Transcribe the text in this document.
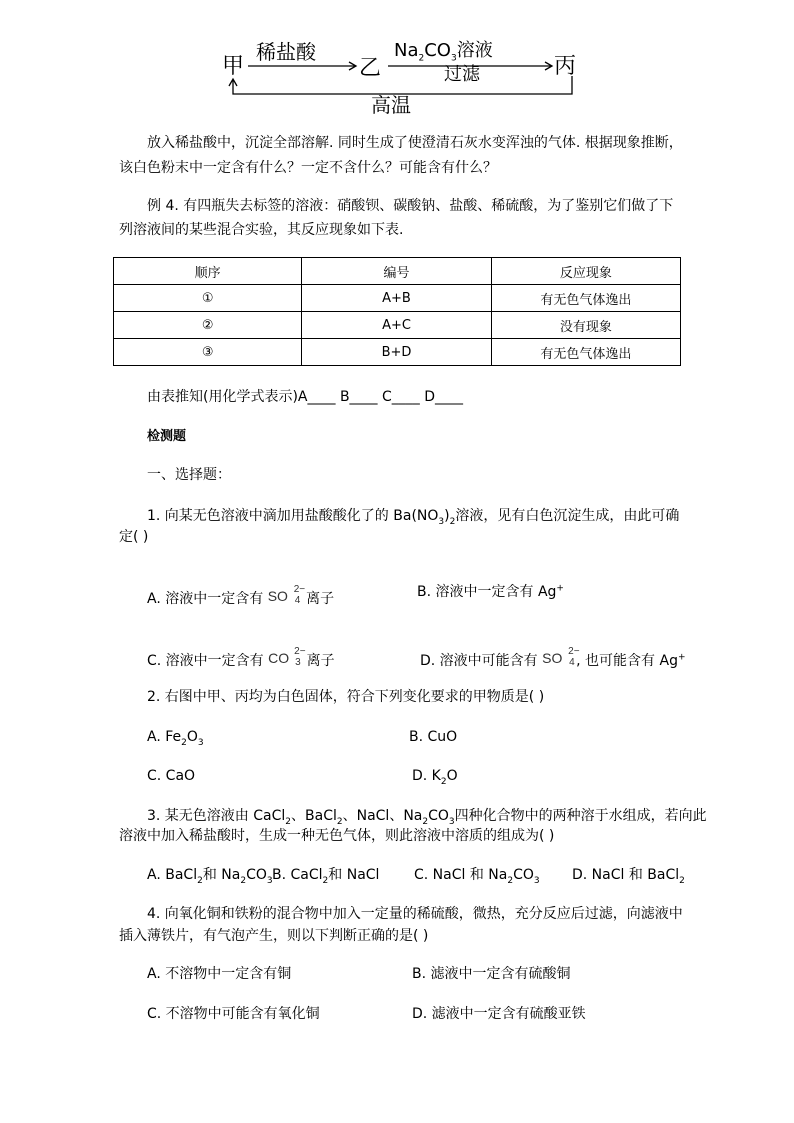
甲	乙	丙
稀盐酸	$Na_2CO_3$溶液
过滤
高温
放入稀盐酸中，沉淀全部溶解. 同时生成了使澄清石灰水变浑浊的气体. 根据现象推断，
该白色粉末中一定含有什么？一定不含什么？可能含有什么？
例 4. 有四瓶失去标签的溶液：硝酸钡、碳酸钠、盐酸、稀硫酸，为了鉴别它们做了下
列溶液间的某些混合实验，其反应现象如下表.
顺序	编号	反应现象
①	A+B	有无色气体逸出
②	A+C	没有现象
③	B+D	有无色气体逸出
由表推知(用化学式表示)A____ B____ C____ D____
检测题
一、选择题：
1. 向某无色溶液中滴加用盐酸酸化了的 $Ba(NO_3)_2$溶液，见有白色沉淀生成，由此可确
定( )
A. 溶液中一定含有 SO 2−
4 离子	B. 溶液中一定含有 Ag+
C. 溶液中一定含有 CO 2−
3 离子	D. 溶液中可能含有 SO 2−
4 , 也可能含有 Ag+
2. 右图中甲、丙均为白色固体，符合下列变化要求的甲物质是( )
A. $Fe_2O_3$	B. CuO
C. CaO	D. $K_2O$
3. 某无色溶液由 CaCl$_2$、BaCl$_2$、NaCl、$Na_2CO_3$四种化合物中的两种溶于水组成，若向此
溶液中加入稀盐酸时，生成一种无色气体，则此溶液中溶质的组成为( )
A. BaCl$_2$和 $Na_2CO_3$ B. CaCl$_2$和 NaCl C. NaCl 和 $Na_2CO_3$ D. NaCl 和 BaCl$_2$
4. 向氧化铜和铁粉的混合物中加入一定量的稀硫酸，微热，充分反应后过滤，向滤液中
插入薄铁片，有气泡产生，则以下判断正确的是( )
A. 不溶物中一定含有铜	B. 滤液中一定含有硫酸铜
C. 不溶物中可能含有氧化铜	D. 滤液中一定含有硫酸亚铁
